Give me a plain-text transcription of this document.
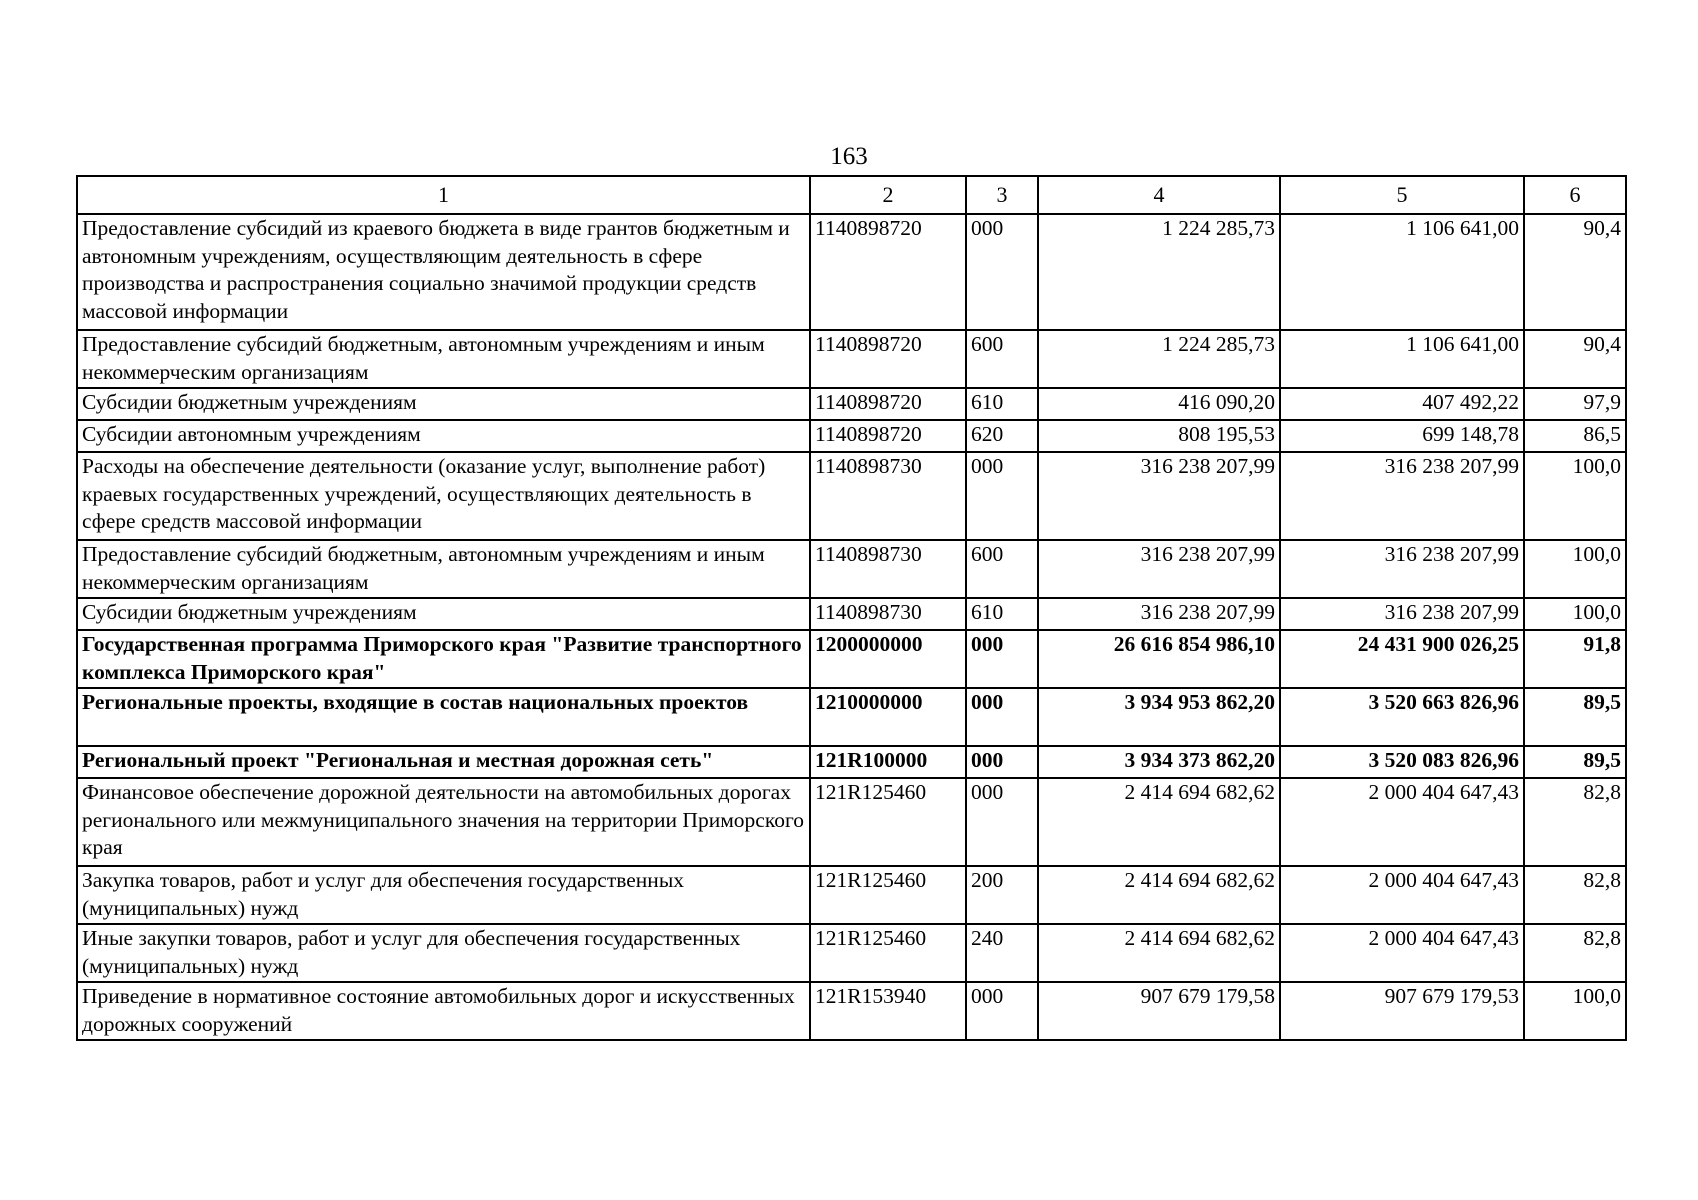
163
1	2	3	4	5	6
Предоставление субсидий из краевого бюджета в виде грантов бюджетным и автономным учреждениям, осуществляющим деятельность в сфере производства и распространения социально значимой продукции средств массовой информации	1140898720	000	1 224 285,73	1 106 641,00	90,4
Предоставление субсидий бюджетным, автономным учреждениям и иным некоммерческим организациям	1140898720	600	1 224 285,73	1 106 641,00	90,4
Субсидии бюджетным учреждениям	1140898720	610	416 090,20	407 492,22	97,9
Субсидии автономным учреждениям	1140898720	620	808 195,53	699 148,78	86,5
Расходы на обеспечение деятельности (оказание услуг, выполнение работ) краевых государственных учреждений, осуществляющих деятельность в сфере средств массовой информации	1140898730	000	316 238 207,99	316 238 207,99	100,0
Предоставление субсидий бюджетным, автономным учреждениям и иным некоммерческим организациям	1140898730	600	316 238 207,99	316 238 207,99	100,0
Субсидии бюджетным учреждениям	1140898730	610	316 238 207,99	316 238 207,99	100,0
Государственная программа Приморского края "Развитие транспортного комплекса Приморского края"	1200000000	000	26 616 854 986,10	24 431 900 026,25	91,8
Региональные проекты, входящие в состав национальных проектов	1210000000	000	3 934 953 862,20	3 520 663 826,96	89,5
Региональный проект "Региональная и местная дорожная сеть"	121R100000	000	3 934 373 862,20	3 520 083 826,96	89,5
Финансовое обеспечение дорожной деятельности на автомобильных дорогах регионального или межмуниципального значения на территории Приморского края	121R125460	000	2 414 694 682,62	2 000 404 647,43	82,8
Закупка товаров, работ и услуг для обеспечения государственных (муниципальных) нужд	121R125460	200	2 414 694 682,62	2 000 404 647,43	82,8
Иные закупки товаров, работ и услуг для обеспечения государственных (муниципальных) нужд	121R125460	240	2 414 694 682,62	2 000 404 647,43	82,8
Приведение в нормативное состояние автомобильных дорог и искусственных дорожных сооружений	121R153940	000	907 679 179,58	907 679 179,53	100,0
